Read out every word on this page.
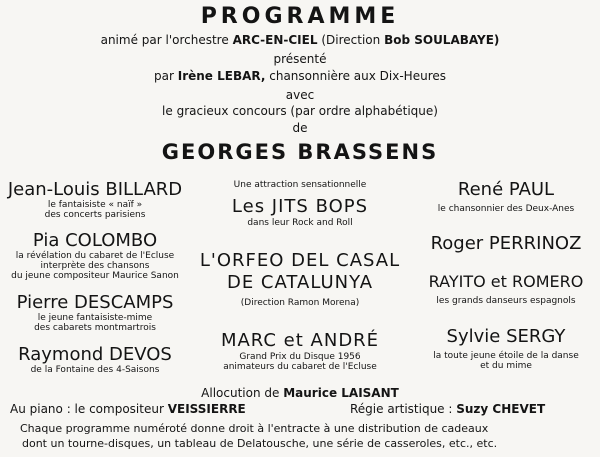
PROGRAMME
animé par l'orchestre ARC-EN-CIEL (Direction Bob SOULABAYE)
présenté
par Irène LEBAR, chansonnière aux Dix-Heures
avec
le gracieux concours (par ordre alphabétique)
de
GEORGES BRASSENS
Jean-Louis BILLARD
le fantaisiste « naïf »
des concerts parisiens
Pia COLOMBO
la révélation du cabaret de l'Ecluse
interprète des chansons
du jeune compositeur Maurice Sanon
Pierre DESCAMPS
le jeune fantaisiste-mime
des cabarets montmartrois
Raymond DEVOS
de la Fontaine des 4-Saisons
Une attraction sensationnelle
Les JITS BOPS
dans leur Rock and Roll
L'ORFEO DEL CASAL
DE CATALUNYA
(Direction Ramon Morena)
MARC et ANDRÉ
Grand Prix du Disque 1956
animateurs du cabaret de l'Ecluse
René PAUL
le chansonnier des Deux-Anes
Roger PERRINOZ
RAYITO et ROMERO
les grands danseurs espagnols
Sylvie SERGY
la toute jeune étoile de la danse
et du mime
Allocution de Maurice LAISANT
Au piano : le compositeur VEISSIERRE	Régie artistique : Suzy CHEVET
Chaque programme numéroté donne droit à l'entracte à une distribution de cadeaux
dont un tourne-disques, un tableau de Delatousche, une série de casseroles, etc., etc.
